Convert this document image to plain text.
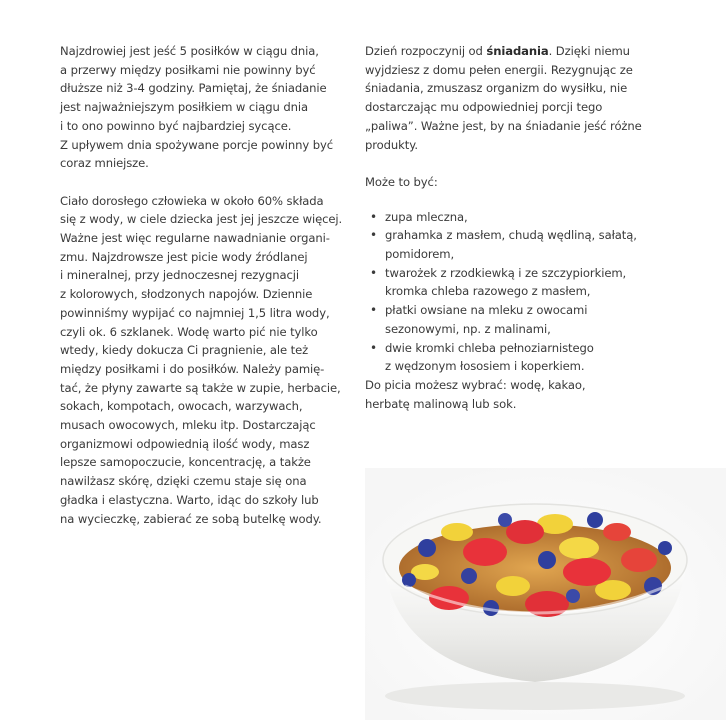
Najzdrowiej jest jeść 5 posiłków w ciągu dnia,
a przerwy między posiłkami nie powinny być
dłuższe niż 3-4 godziny. Pamiętaj, że śniadanie
jest najważniejszym posiłkiem w ciągu dnia
i to ono powinno być najbardziej sycące.
Z upływem dnia spożywane porcje powinny być
coraz mniejsze.

Ciało dorosłego człowieka w około 60% składa
się z wody, w ciele dziecka jest jej jeszcze więcej.
Ważne jest więc regularne nawadnianie organi-
zmu. Najzdrowsze jest picie wody źródlanej
i mineralnej, przy jednoczesnej rezygnacji
z kolorowych, słodzonych napojów. Dziennie
powinniśmy wypijać co najmniej 1,5 litra wody,
czyli ok. 6 szklanek. Wodę warto pić nie tylko
wtedy, kiedy dokucza Ci pragnienie, ale też
między posiłkami i do posiłków. Należy pamię-
tać, że płyny zawarte są także w zupie, herbacie,
sokach, kompotach, owocach, warzywach,
musach owocowych, mleku itp. Dostarczając
organizmowi odpowiednią ilość wody, masz
lepsze samopoczucie, koncentrację, a także
nawilżasz skórę, dzięki czemu staje się ona
gładka i elastyczna. Warto, idąc do szkoły lub
na wycieczkę, zabierać ze sobą butelkę wody.

Dzień rozpoczynij od śniadania. Dzięki niemu
wyjdziesz z domu pełen energii. Rezygnując ze
śniadania, zmuszasz organizm do wysiłku, nie
dostarczając mu odpowiedniej porcji tego
„paliwa”. Ważne jest, by na śniadanie jeść różne
produkty.

Może to być:

• zupa mleczna,
• grahamka z masłem, chudą wędliną, sałatą,
pomidorem,
• twarożek z rzodkiewką i ze szczypiorkiem,
kromka chleba razowego z masłem,
• płatki owsiane na mleku z owocami
sezonowymi, np. z malinami,
• dwie kromki chleba pełnoziarnistego
z wędzonym łososiem i koperkiem.

Do picia możesz wybrać: wodę, kakao,
herbatę malinową lub sok.
